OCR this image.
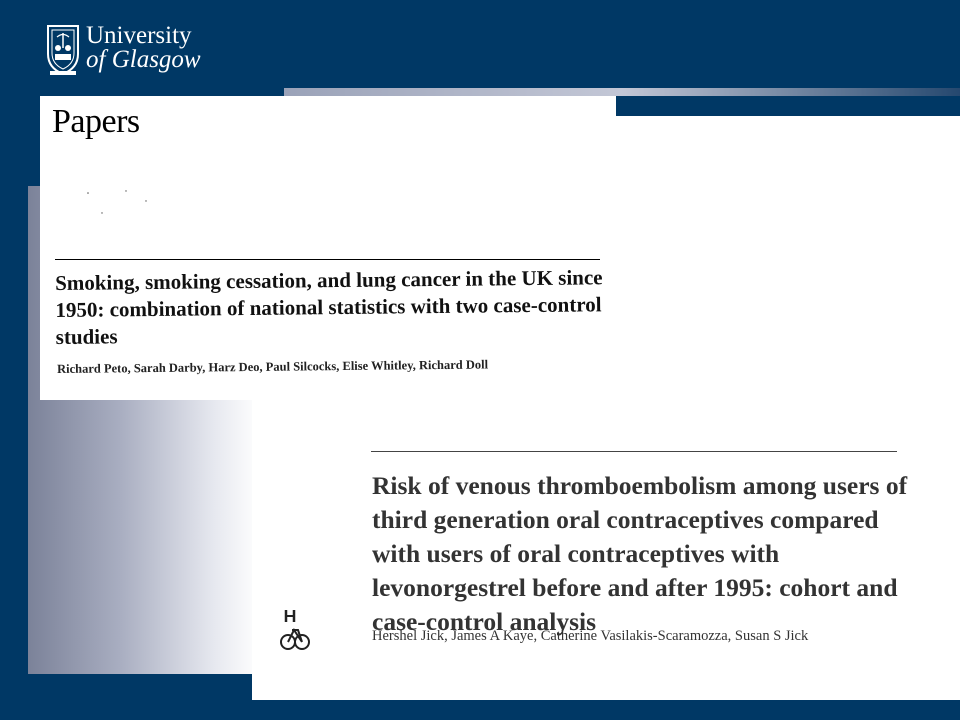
University
of Glasgow
Papers
Smoking, smoking cessation, and lung cancer in the UK since 1950: combination of national statistics with two case-control studies
Richard Peto, Sarah Darby, Harz Deo, Paul Silcocks, Elise Whitley, Richard Doll
Risk of venous thromboembolism among users of third generation oral contraceptives compared with users of oral contraceptives with levonorgestrel before and after 1995: cohort and case-control analysis
Hershel Jick, James A Kaye, Catherine Vasilakis-Scaramozza, Susan S Jick
